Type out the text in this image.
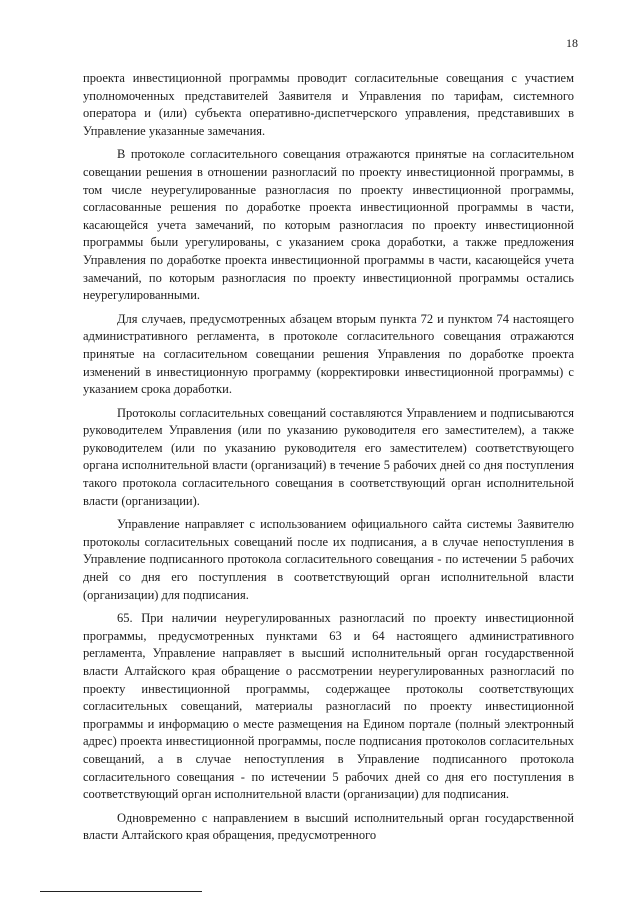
18

проекта инвестиционной программы проводит согласительные совещания с участием уполномоченных представителей Заявителя и Управления по тарифам, системного оператора и (или) субъекта оперативно-диспетчерского управления, представивших в Управление указанные замечания.

В протоколе согласительного совещания отражаются принятые на согласительном совещании решения в отношении разногласий по проекту инвестиционной программы, в том числе неурегулированные разногласия по проекту инвестиционной программы, согласованные решения по доработке проекта инвестиционной программы в части, касающейся учета замечаний, по которым разногласия по проекту инвестиционной программы были урегулированы, с указанием срока доработки, а также предложения Управления по доработке проекта инвестиционной программы в части, касающейся учета замечаний, по которым разногласия по проекту инвестиционной программы остались неурегулированными.

Для случаев, предусмотренных абзацем вторым пункта 72 и пунктом 74 настоящего административного регламента, в протоколе согласительного совещания отражаются принятые на согласительном совещании решения Управления по доработке проекта изменений в инвестиционную программу (корректировки инвестиционной программы) с указанием срока доработки.

Протоколы согласительных совещаний составляются Управлением и подписываются руководителем Управления (или по указанию руководителя его заместителем), а также руководителем (или по указанию руководителя его заместителем) соответствующего органа исполнительной власти (организаций) в течение 5 рабочих дней со дня поступления такого протокола согласительного совещания в соответствующий орган исполнительной власти (организации).

Управление направляет с использованием официального сайта системы Заявителю протоколы согласительных совещаний после их подписания, а в случае непоступления в Управление подписанного протокола согласительного совещания - по истечении 5 рабочих дней со дня его поступления в соответствующий орган исполнительной власти (организации) для подписания.

65. При наличии неурегулированных разногласий по проекту инвестиционной программы, предусмотренных пунктами 63 и 64 настоящего административного регламента, Управление направляет в высший исполнительный орган государственной власти Алтайского края обращение о рассмотрении неурегулированных разногласий по проекту инвестиционной программы, содержащее протоколы соответствующих согласительных совещаний, материалы разногласий по проекту инвестиционной программы и информацию о месте размещения на Едином портале (полный электронный адрес) проекта инвестиционной программы, после подписания протоколов согласительных совещаний, а в случае непоступления в Управление подписанного протокола согласительного совещания - по истечении 5 рабочих дней со дня его поступления в соответствующий орган исполнительной власти (организации) для подписания.

Одновременно с направлением в высший исполнительный орган государственной власти Алтайского края обращения, предусмотренного
